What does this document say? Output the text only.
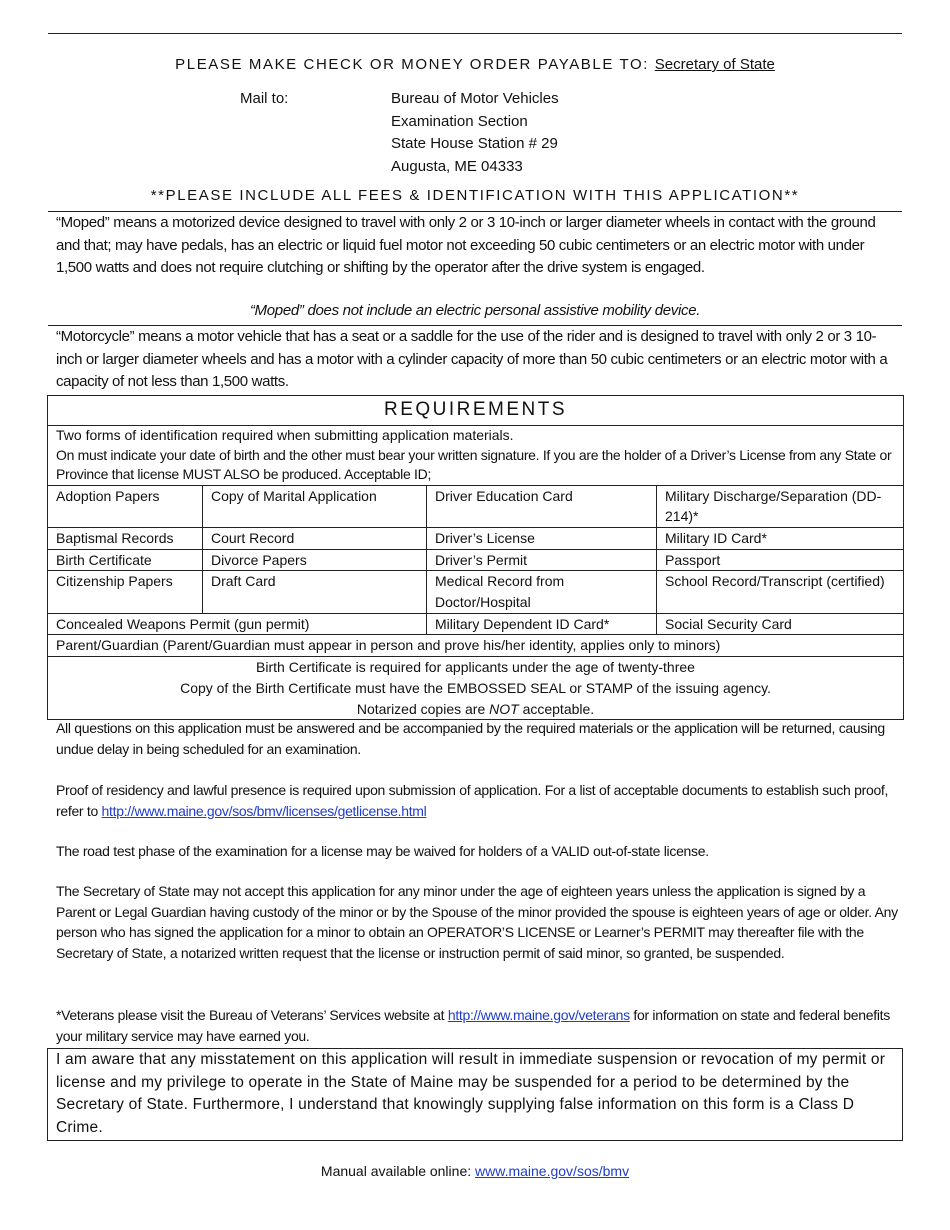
PLEASE MAKE CHECK OR MONEY ORDER PAYABLE TO: Secretary of State
Mail to:	Bureau of Motor Vehicles
Examination Section
State House Station # 29
Augusta, ME 04333
**PLEASE INCLUDE ALL FEES & IDENTIFICATION WITH THIS APPLICATION**
“Moped” means a motorized device designed to travel with only 2 or 3 10-inch or larger diameter wheels in contact with the ground and that; may have pedals, has an electric or liquid fuel motor not exceeding 50 cubic centimeters or an electric motor with under 1,500 watts and does not require clutching or shifting by the operator after the drive system is engaged.
“Moped” does not include an electric personal assistive mobility device.
“Motorcycle” means a motor vehicle that has a seat or a saddle for the use of the rider and is designed to travel with only 2 or 3 10-inch or larger diameter wheels and has a motor with a cylinder capacity of more than 50 cubic centimeters or an electric motor with a capacity of not less than 1,500 watts.
REQUIREMENTS			

Two forms of identification required when submitting application materials.
On must indicate your date of birth and the other must bear your written signature. If you are the holder of a Driver’s License from any State or Province that license MUST ALSO be produced. Acceptable ID;			

Adoption Papers	Copy of Marital Application	Driver Education Card	Military Discharge/Separation (DD-214)*
Baptismal Records	Court Record	Driver’s License	Military ID Card*
Birth Certificate	Divorce Papers	Driver’s Permit	Passport
Citizenship Papers	Draft Card	Medical Record from Doctor/Hospital	School Record/Transcript (certified)
Concealed Weapons Permit (gun permit)		Military Dependent ID Card*	Social Security Card
Parent/Guardian (Parent/Guardian must appear in person and prove his/her identity, applies only to minors)			

Birth Certificate is required for applicants under the age of twenty-three
Copy of the Birth Certificate must have the EMBOSSED SEAL or STAMP of the issuing agency.
Notarized copies are NOT acceptable.			
All questions on this application must be answered and be accompanied by the required materials or the application will be returned, causing undue delay in being scheduled for an examination.
Proof of residency and lawful presence is required upon submission of application. For a list of acceptable documents to establish such proof, refer to http://www.maine.gov/sos/bmv/licenses/getlicense.html
The road test phase of the examination for a license may be waived for holders of a VALID out-of-state license.
The Secretary of State may not accept this application for any minor under the age of eighteen years unless the application is signed by a Parent or Legal Guardian having custody of the minor or by the Spouse of the minor provided the spouse is eighteen years of age or older. Any person who has signed the application for a minor to obtain an OPERATOR’S LICENSE or Learner’s PERMIT may thereafter file with the Secretary of State, a notarized written request that the license or instruction permit of said minor, so granted, be suspended.
*Veterans please visit the Bureau of Veterans’ Services website at http://www.maine.gov/veterans for information on state and federal benefits your military service may have earned you.
I am aware that any misstatement on this application will result in immediate suspension or revocation of my permit or license and my privilege to operate in the State of Maine may be suspended for a period to be determined by the Secretary of State. Furthermore, I understand that knowingly supplying false information on this form is a Class D Crime.
Manual available online: www.maine.gov/sos/bmv
